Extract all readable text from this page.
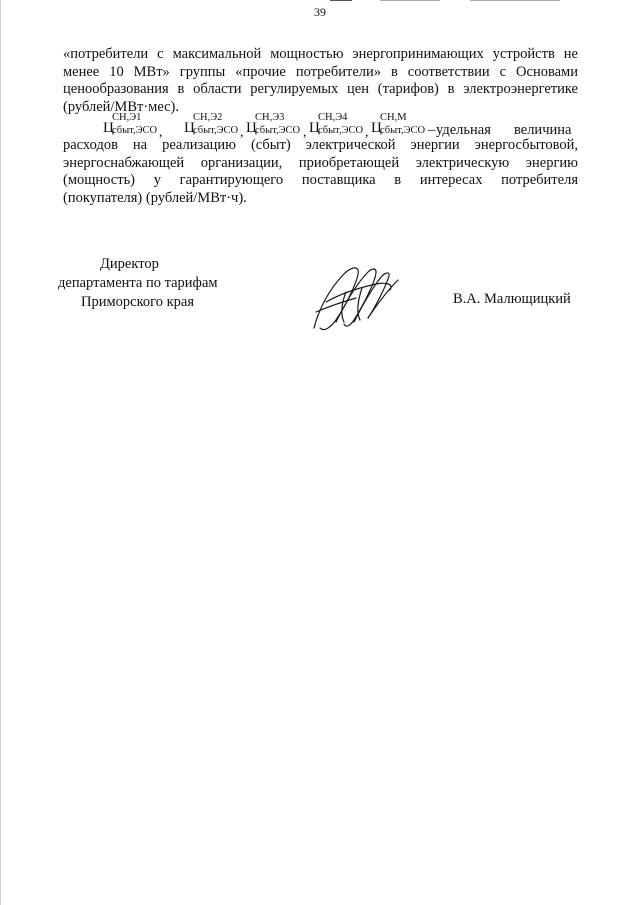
39
«потребители с максимальной мощностью энергопринимающих устройств не
менее 10 МВт» группы «прочие потребители» в соответствии с Основами
ценообразования в области регулируемых цен (тарифов) в электроэнергетике
(рублей/МВт·мес).
Ц
СН,Э1
сбыт,ЭСО , Ц
СН,Э2
сбыт,ЭСО , Ц
СН,Э3
сбыт,ЭСО , Ц
СН,Э4
сбыт,ЭСО , Ц
СН,М
сбыт,ЭСО – удельная величина
расходов на реализацию (сбыт) электрической энергии энергосбытовой,
энергоснабжающей организации, приобретающей электрическую энергию
(мощность) у гарантирующего поставщика в интересах потребителя
(покупателя) (рублей/МВт·ч).
Директор
департамента по тарифам
Приморского края	В.А. Малющицкий
